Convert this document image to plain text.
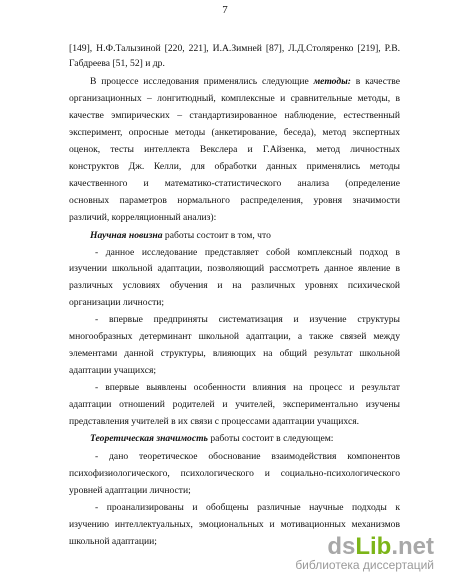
7
[149], Н.Ф.Талызиной [220, 221], И.А.Зимней [87], Л.Д.Столяренко [219], Р.В.
Габдреева [51, 52] и др.
В процессе исследования применялись следующие методы: в качестве
организационных – лонгитюдный, комплексные и сравнительные методы, в
качестве эмпирических – стандартизированное наблюдение, естественный
эксперимент, опросные методы (анкетирование, беседа), метод экспертных
оценок, тесты интеллекта Векслера и Г.Айзенка, метод личностных
конструктов Дж. Келли, для обработки данных применялись методы
качественного и математико-статистического анализа (определение
основных параметров нормального распределения, уровня значимости
различий, корреляционный анализ):
Научная новизна работы состоит в том, что
- данное исследование представляет собой комплексный подход в
изучении школьной адаптации, позволяющий рассмотреть данное явление в
различных условиях обучения и на различных уровнях психической
организации личности;
- впервые предприняты систематизация и изучение структуры
многообразных детерминант школьной адаптации, а также связей между
элементами данной структуры, влияющих на общий результат школьной
адаптации учащихся;
- впервые выявлены особенности влияния на процесс и результат
адаптации отношений родителей и учителей, экспериментально изучены
представления учителей в их связи с процессами адаптации учащихся.
Теоретическая значимость работы состоит в следующем:
- дано теоретическое обоснование взаимодействия компонентов
психофизиологического, психологического и социально-психологического
уровней адаптации личности;
- проанализированы и обобщены различные научные подходы к
изучению интеллектуальных, эмоциональных и мотивационных механизмов
школьной адаптации;	dsLib.net
библиотека диссертаций
